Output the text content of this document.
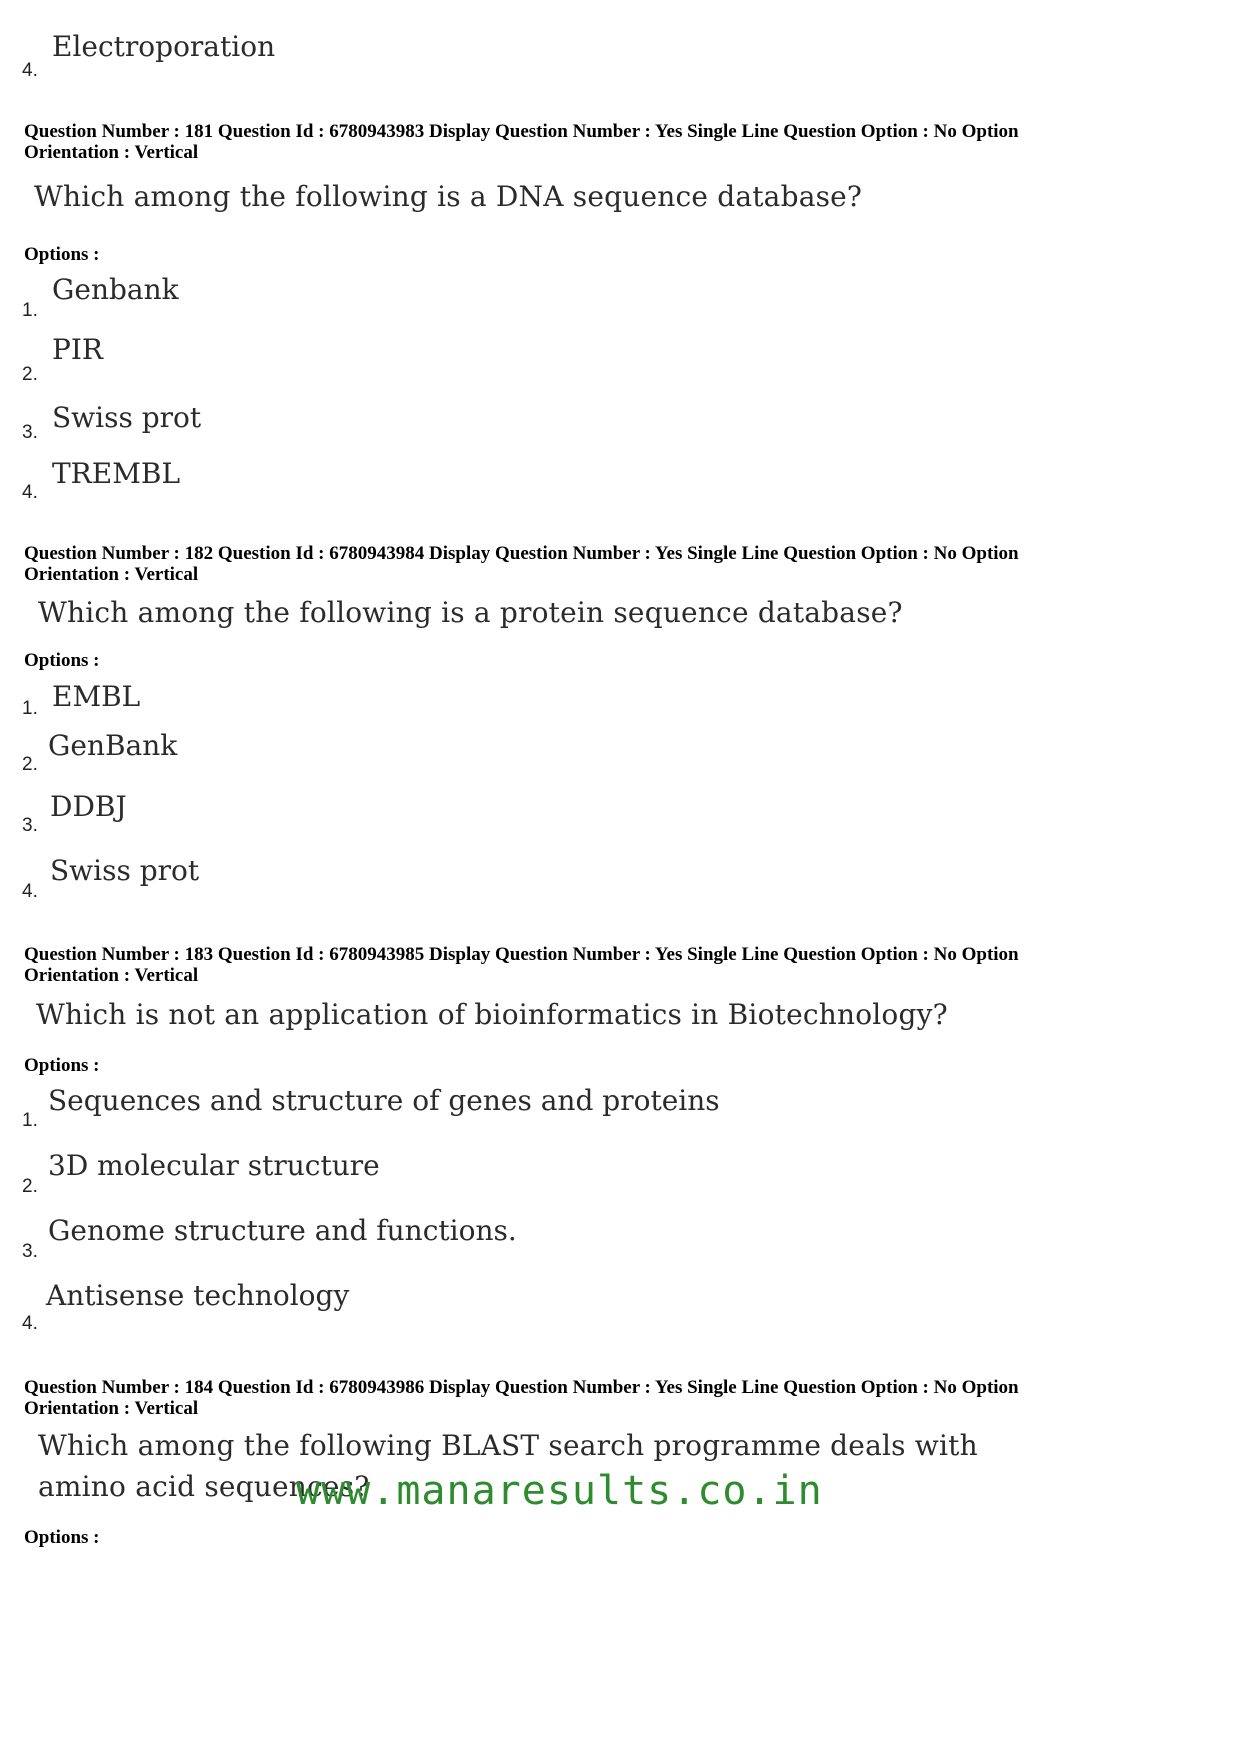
Electroporation
4.
Question Number : 181 Question Id : 6780943983 Display Question Number : Yes Single Line Question Option : No Option
Orientation : Vertical
Which among the following is a DNA sequence database?
Options :
Genbank
1.
PIR
2.
Swiss prot
3.
TREMBL
4.
Question Number : 182 Question Id : 6780943984 Display Question Number : Yes Single Line Question Option : No Option
Orientation : Vertical
Which among the following is a protein sequence database?
Options :
EMBL
1.
GenBank
2.
DDBJ
3.
Swiss prot
4.
Question Number : 183 Question Id : 6780943985 Display Question Number : Yes Single Line Question Option : No Option
Orientation : Vertical
Which is not an application of bioinformatics in Biotechnology?
Options :
Sequences and structure of genes and proteins
1.
3D molecular structure
2.
Genome structure and functions.
3.
Antisense technology
4.
Question Number : 184 Question Id : 6780943986 Display Question Number : Yes Single Line Question Option : No Option
Orientation : Vertical
Which among the following BLAST search programme deals with
amino acid sequences?
Options :
www.manaresults.co.in
